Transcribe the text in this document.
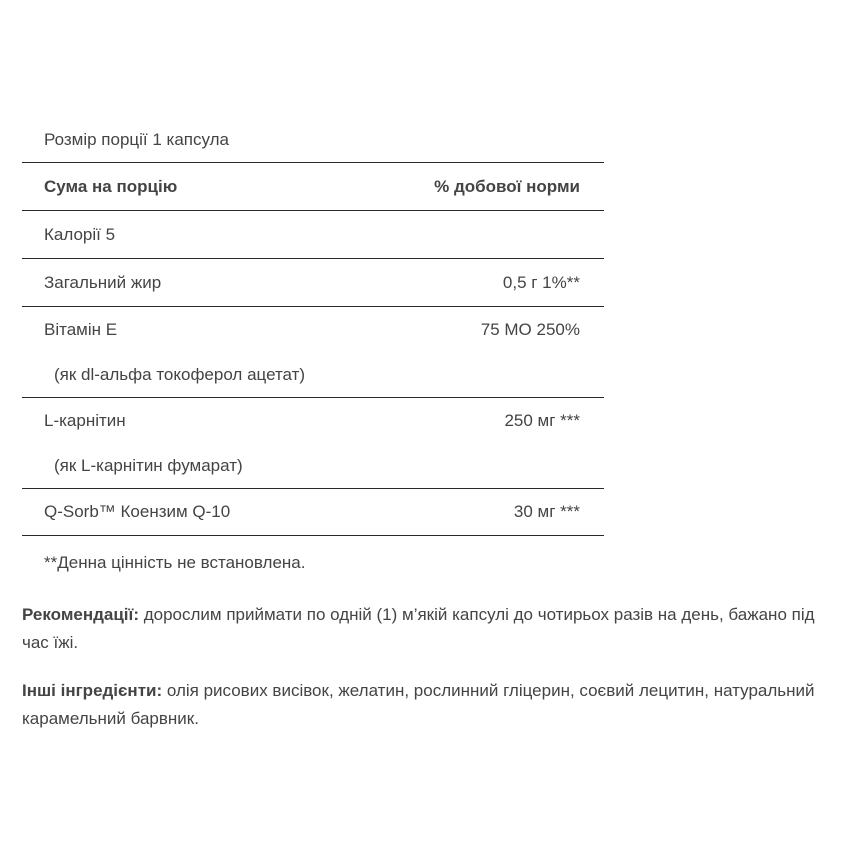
Розмір порції 1 капсула
Сума на порцію	% добової норми
Калорії 5
Загальний жир	0,5 г 1%**
Вітамін Е	75 МО 250%
(як dl-альфа токоферол ацетат)
L-карнітин	250 мг ***
(як L-карнітин фумарат)
Q-Sorb™ Коензим Q-10	30 мг ***
**Денна цінність не встановлена.
Рекомендації: дорослим приймати по одній (1) м’якій капсулі до чотирьох разів на день, бажано під час їжі.
Інші інгредієнти: олія рисових висівок, желатин, рослинний гліцерин, соєвий лецитин, натуральний карамельний барвник.
